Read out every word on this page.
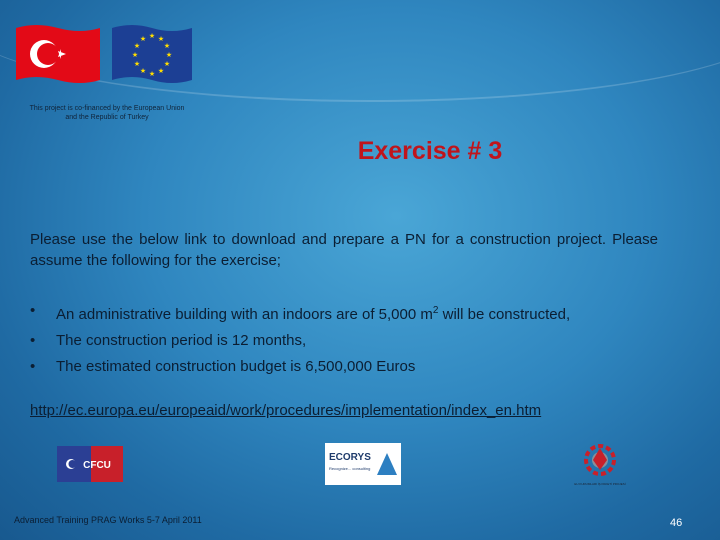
★ ★
★
★
★
★
★
★
★
★
★
★
This project is co-financed by the European Union
and the Republic of Turkey
Exercise # 3
Please use the below link to download and prepare a PN for a construction project. Please assume the following for the exercise;
• An administrative building with an indoors are of 5,000 $m^2$ will be constructed,
• The construction period is 12 months,
• The estimated construction budget is 6,500,000 Euros
http://ec.europa.eu/europeaid/work/procedures/implementation/index_en.htm
CFCU
ECORYS
Recognize... consulting
EU KURUMLARI İŞ PAKETİ PROJESİ
Advanced Training PRAG Works 5-7 April 2011	46
